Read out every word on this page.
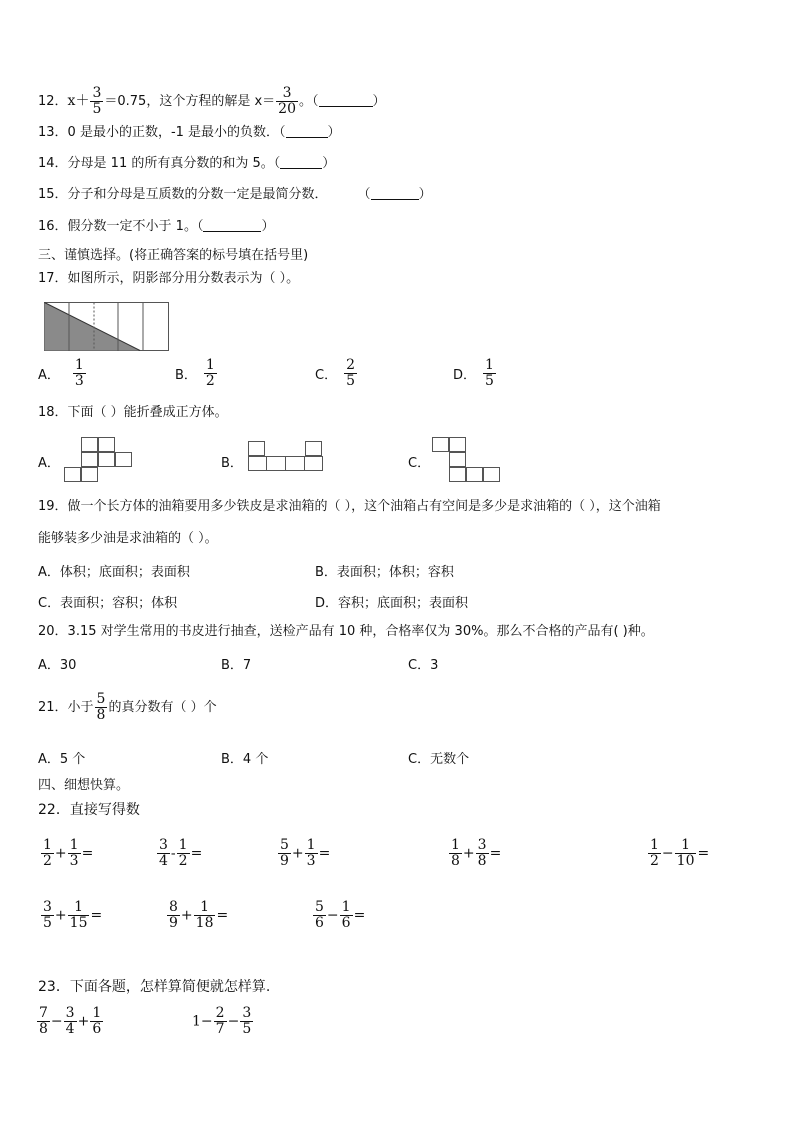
12．$x+ \frac{3}{5} =0.75$，这个方程的解是 $x= \frac{3}{20}$ 。（	）
13．0 是最小的正数，-1 是最小的负数．（	）
14．分母是 11 的所有真分数的和为 5。（	）
15．分子和分母是互质数的分数一定是最简分数． （	）
16．假分数一定不小于 1。（	）
三、谨慎选择。(将正确答案的标号填在括号里)
17．如图所示，阴影部分用分数表示为（ ）。
A． $\frac{1}{3}$	B． $\frac{1}{2}$	C． $\frac{2}{5}$	D． $\frac{1}{5}$
18．下面（ ）能折叠成正方体。
A．	B．	C．
19．做一个长方体的油箱要用多少铁皮是求油箱的（ ），这个油箱占有空间是多少是求油箱的（ ），这个油箱
能够装多少油是求油箱的（ ）。
A．体积；底面积；表面积	B．表面积；体积；容积
C．表面积；容积；体积	D．容积；底面积；表面积
20．3.15 对学生常用的书皮进行抽查，送检产品有 10 种，合格率仅为 30%。那么不合格的产品有( )种。
A．30	B．7	C．3
21．小于 $\frac{5}{8}$ 的真分数有（ ）个
A．5 个	B．4 个	C．无数个
四、细想快算。
22．直接写得数
$\frac{1}{2} + \frac{1}{3}$ =	$\frac{3}{4} - \frac{1}{2}$ =	$\frac{5}{9} + \frac{1}{3}$ =	$\frac{1}{8} + \frac{3}{8}$ =	$\frac{1}{2} - \frac{1}{10}$ =
$\frac{3}{5} + \frac{1}{15}$ =	$\frac{8}{9} + \frac{1}{18}$ =	$\frac{5}{6} - \frac{1}{6}$ =
23．下面各题，怎样算简便就怎样算.
$\frac{7}{8} - \frac{3}{4} + \frac{1}{6}$	$1- \frac{2}{7} - \frac{3}{5}$
